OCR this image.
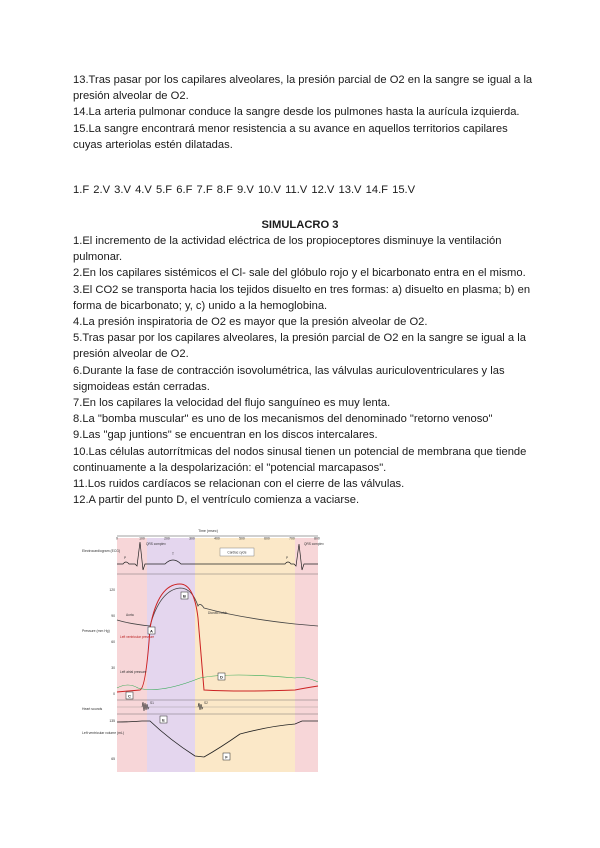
13.Tras pasar por los capilares alveolares, la presión parcial de O2 en la sangre se igual a la presión alveolar de O2.

14.La arteria pulmonar conduce la sangre desde los pulmones hasta la aurícula izquierda.

15.La sangre encontrará menor resistencia a su avance en aquellos territorios capilares cuyas arteriolas estén dilatadas.

1.F 2.V 3.V 4.V 5.F 6.F 7.F 8.F 9.V 10.V 11.V 12.V 13.V 14.F 15.V
SIMULACRO 3

1.El incremento de la actividad eléctrica de los propioceptores disminuye la ventilación pulmonar.

2.En los capilares sistémicos el Cl- sale del glóbulo rojo y el bicarbonato entra en el mismo.

3.El CO2 se transporta hacia los tejidos disuelto en tres formas: a) disuelto en plasma; b) en forma de bicarbonato; y, c) unido a la hemoglobina.

4.La presión inspiratoria de O2 es mayor que la presión alveolar de O2.

5.Tras pasar por los capilares alveolares, la presión parcial de O2 en la sangre se igual a la presión alveolar de O2.

6.Durante la fase de contracción isovolumétrica, las válvulas auriculoventriculares y las sigmoideas están cerradas.

7.En los capilares la velocidad del flujo sanguíneo es muy lenta.

8.La "bomba muscular" es uno de los mecanismos del denominado "retorno venoso"

9.Las "gap juntions" se encuentran en los discos intercalares.

10.Las células autorrítmicas del nodos sinusal tienen un potencial de membrana que tiende continuamente a la despolarización: el "potencial marcapasos".

11.Los ruidos cardíacos se relacionan con el cierre de las válvulas.

12.A partir del punto D, el ventrículo comienza a vaciarse.

Time (msec)
0	100	200	300	400	500	600	700	800
Electrocardiogram (ECG)
Pressure (mm Hg)
Heart sounds
Left ventricular volume (mL)
120
90
60
30
0
135
65
P
T
P
QRS complex	QRS complex
Cardiac cycle
Aorta	Dicrotic notch
Left ventricular pressure
Left atrial pressure
A
B
C
D
E
F
S1	S2
